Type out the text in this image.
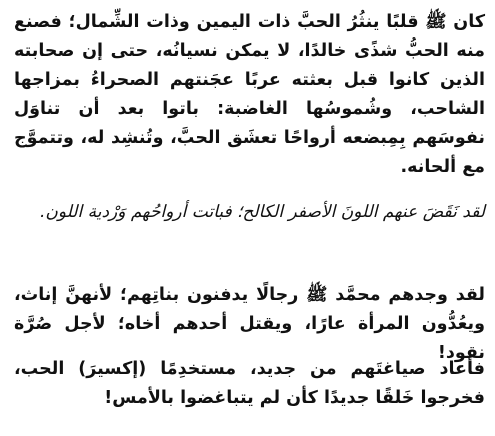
كان ﷺ قلبًا ينثُرُ الحبَّ ذات اليمين وذات الشِّمال؛ فصنع منه الحبُّ شذًى خالدًا، لا يمكن نسيانُه، حتى إن صحابته الذين كانوا قبل بعثته عربًا عجَنتهم الصحراءُ بمزاجها الشاحب، وشُموسُها الغاضبة: باتوا بعد أن تناوَل نفوسَهم بِمِبضعه أرواحًا تعشَق الحبَّ، وتُنشِد له، وتتموَّج مع ألحانه.

لقد نَقَضَ عنهم اللونَ الأصفر الكالح؛ فباتت أرواحُهم وَرْدية اللون.

لقد وجدهم محمَّد ﷺ رجالًا يدفنون بناتِهم؛ لأنهنَّ إناث، ويعُدُّون المرأة عارًا، ويقتل أحدهم أخاه؛ لأجل صُرَّة نقود!

فأعاد صياغتَهم من جديد، مستخدِمًا (إكسيرَ) الحب، فخرجوا خَلقًا جديدًا كأن لم يتباغضوا بالأمس!
